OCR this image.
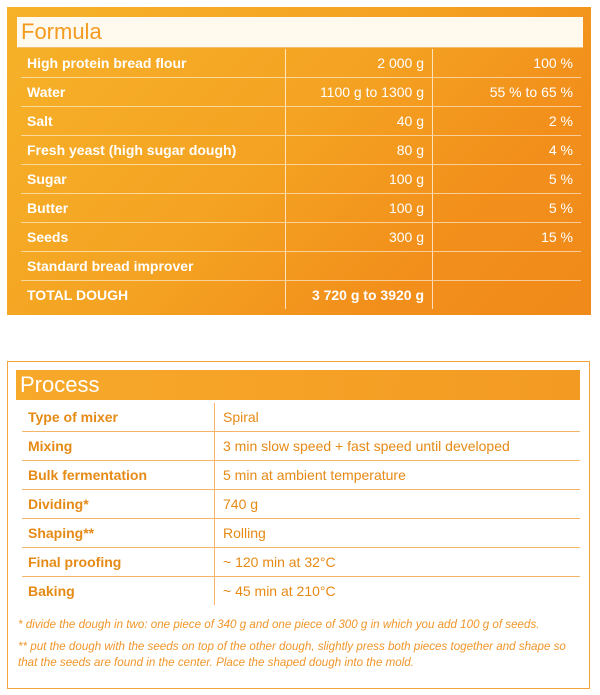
Formula
High protein bread flour	2 000 g	100 %
Water	1100 g to 1300 g	55 % to 65 %
Salt	40 g	2 %
Fresh yeast (high sugar dough)	80 g	4 %
Sugar	100 g	5 %
Butter	100 g	5 %
Seeds	300 g	15 %
Standard bread improver		
TOTAL DOUGH	3 720 g to 3920 g	
Process
Type of mixer	Spiral
Mixing	3 min slow speed + fast speed until developed
Bulk fermentation	5 min at ambient temperature
Dividing*	740 g
Shaping**	Rolling
Final proofing	~ 120 min at 32°C
Baking	~ 45 min at 210°C

* divide the dough in two: one piece of 340 g and one piece of 300 g in which you add 100 g of seeds.

** put the dough with the seeds on top of the other dough, slightly press both pieces together and shape so that the seeds are found in the center. Place the shaped dough into the mold.
